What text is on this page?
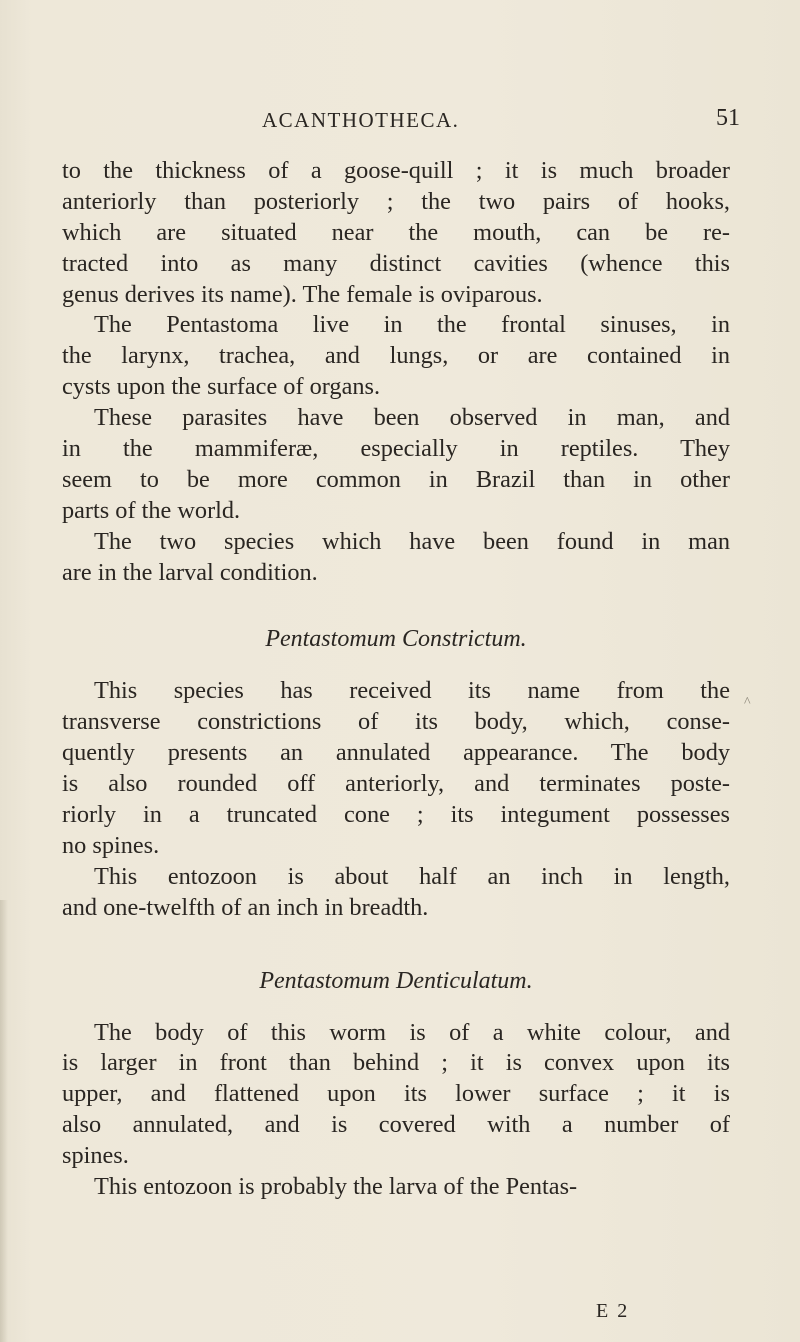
ACANTHOTHECA.	51
^
to the thickness of a goose-quill ; it is much broader
anteriorly than posteriorly ; the two pairs of hooks,
which are situated near the mouth, can be re-
tracted into as many distinct cavities (whence this
genus derives its name). The female is oviparous.
The Pentastoma live in the frontal sinuses, in
the larynx, trachea, and lungs, or are contained in
cysts upon the surface of organs.
These parasites have been observed in man, and
in the mammiferæ, especially in reptiles. They
seem to be more common in Brazil than in other
parts of the world.
The two species which have been found in man
are in the larval condition.
Pentastomum Constrictum.
This species has received its name from the
transverse constrictions of its body, which, conse-
quently presents an annulated appearance. The body
is also rounded off anteriorly, and terminates poste-
riorly in a truncated cone ; its integument possesses
no spines.
This entozoon is about half an inch in length,
and one-twelfth of an inch in breadth.
Pentastomum Denticulatum.
The body of this worm is of a white colour, and
is larger in front than behind ; it is convex upon its
upper, and flattened upon its lower surface ; it is
also annulated, and is covered with a number of
spines.
This entozoon is probably the larva of the Pentas-
E 2
